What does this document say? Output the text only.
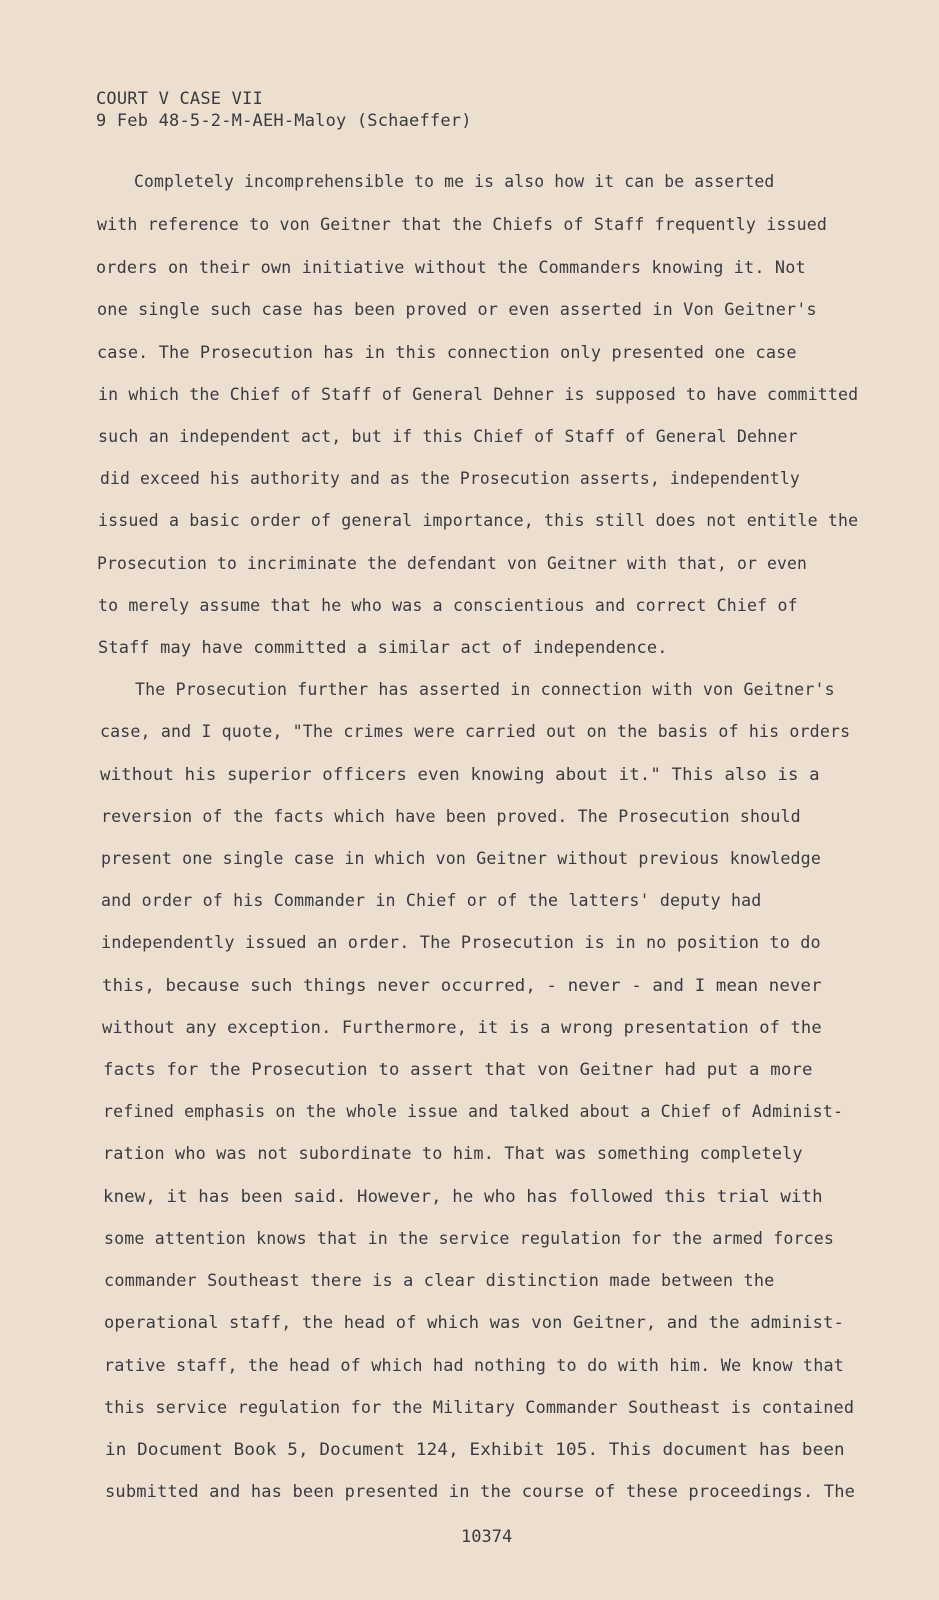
COURT V CASE VII
9 Feb 48-5-2-M-AEH-Maloy (Schaeffer)
Completely incomprehensible to me is also how it can be asserted
with reference to von Geitner that the Chiefs of Staff frequently issued
orders on their own initiative without the Commanders knowing it. Not
one single such case has been proved or even asserted in Von Geitner's
case. The Prosecution has in this connection only presented one case
in which the Chief of Staff of General Dehner is supposed to have committed
such an independent act, but if this Chief of Staff of General Dehner
did exceed his authority and as the Prosecution asserts, independently
issued a basic order of general importance, this still does not entitle the
Prosecution to incriminate the defendant von Geitner with that, or even
to merely assume that he who was a conscientious and correct Chief of
Staff may have committed a similar act of independence.
The Prosecution further has asserted in connection with von Geitner's
case, and I quote, "The crimes were carried out on the basis of his orders
without his superior officers even knowing about it." This also is a
reversion of the facts which have been proved. The Prosecution should
present one single case in which von Geitner without previous knowledge
and order of his Commander in Chief or of the latters' deputy had
independently issued an order. The Prosecution is in no position to do
this, because such things never occurred, - never - and I mean never
without any exception. Furthermore, it is a wrong presentation of the
facts for the Prosecution to assert that von Geitner had put a more
refined emphasis on the whole issue and talked about a Chief of Administ-
ration who was not subordinate to him. That was something completely
knew, it has been said. However, he who has followed this trial with
some attention knows that in the service regulation for the armed forces
commander Southeast there is a clear distinction made between the
operational staff, the head of which was von Geitner, and the administ-
rative staff, the head of which had nothing to do with him. We know that
this service regulation for the Military Commander Southeast is contained
in Document Book 5, Document 124, Exhibit 105. This document has been
submitted and has been presented in the course of these proceedings. The
10374
